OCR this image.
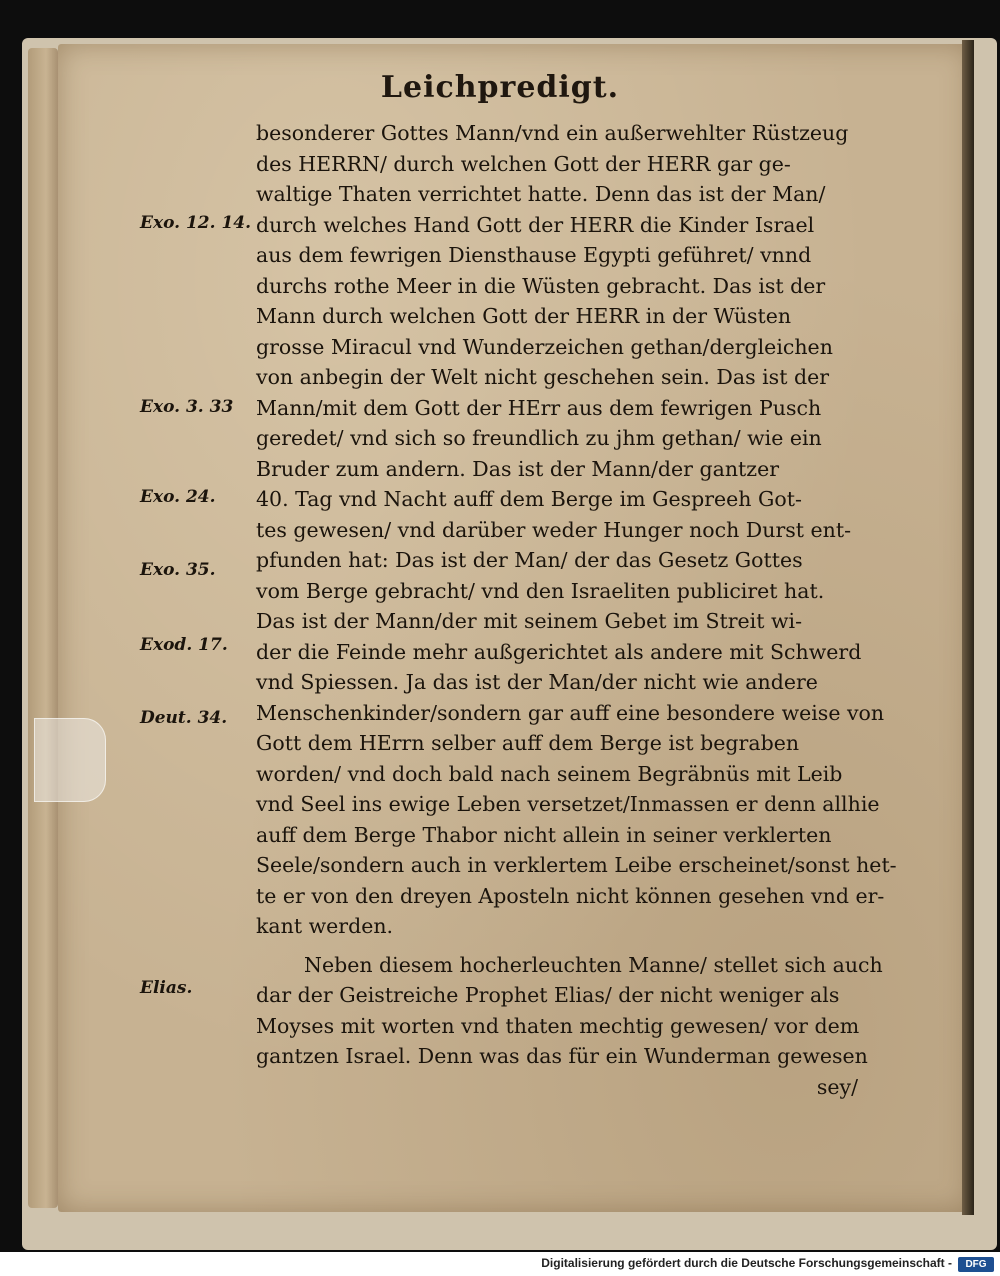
Leichpredigt.
besonderer Gottes Mann/vnd ein außerwehlter Rüstzeug
des HERRN/ durch welchen Gott der HERR gar ge-
waltige Thaten verrichtet hatte. Denn das ist der Man/
durch welches Hand Gott der HERR die Kinder Israel
aus dem fewrigen Diensthause Egypti geführet/ vnnd
durchs rothe Meer in die Wüsten gebracht. Das ist der
Mann durch welchen Gott der HERR in der Wüsten
grosse Miracul vnd Wunderzeichen gethan/dergleichen
von anbegin der Welt nicht geschehen sein. Das ist der
Mann/mit dem Gott der HErr aus dem fewrigen Pusch
geredet/ vnd sich so freundlich zu jhm gethan/ wie ein
Bruder zum andern. Das ist der Mann/der gantzer
40. Tag vnd Nacht auff dem Berge im Gespreeh Got-
tes gewesen/ vnd darüber weder Hunger noch Durst ent-
pfunden hat: Das ist der Man/ der das Gesetz Gottes
vom Berge gebracht/ vnd den Israeliten publiciret hat.
Das ist der Mann/der mit seinem Gebet im Streit wi-
der die Feinde mehr außgerichtet als andere mit Schwerd
vnd Spiessen. Ja das ist der Man/der nicht wie andere
Menschenkinder/sondern gar auff eine besondere weise von
Gott dem HErrn selber auff dem Berge ist begraben
worden/ vnd doch bald nach seinem Begräbnüs mit Leib
vnd Seel ins ewige Leben versetzet/Inmassen er denn allhie
auff dem Berge Thabor nicht allein in seiner verklerten
Seele/sondern auch in verklertem Leibe erscheinet/sonst het-
te er von den dreyen Aposteln nicht können gesehen vnd er-
kant werden.
Neben diesem hocherleuchten Manne/ stellet sich auch
dar der Geistreiche Prophet Elias/ der nicht weniger als
Moyses mit worten vnd thaten mechtig gewesen/ vor dem
gantzen Israel. Denn was das für ein Wunderman gewesen
sey/
Exo. 12. 14.
Exo. 3. 33
Exo. 24.
Exo. 35.
Exod. 17.
Deut. 34.
Elias.
Digitalisierung gefördert durch die Deutsche Forschungsgemeinschaft -	DFG
